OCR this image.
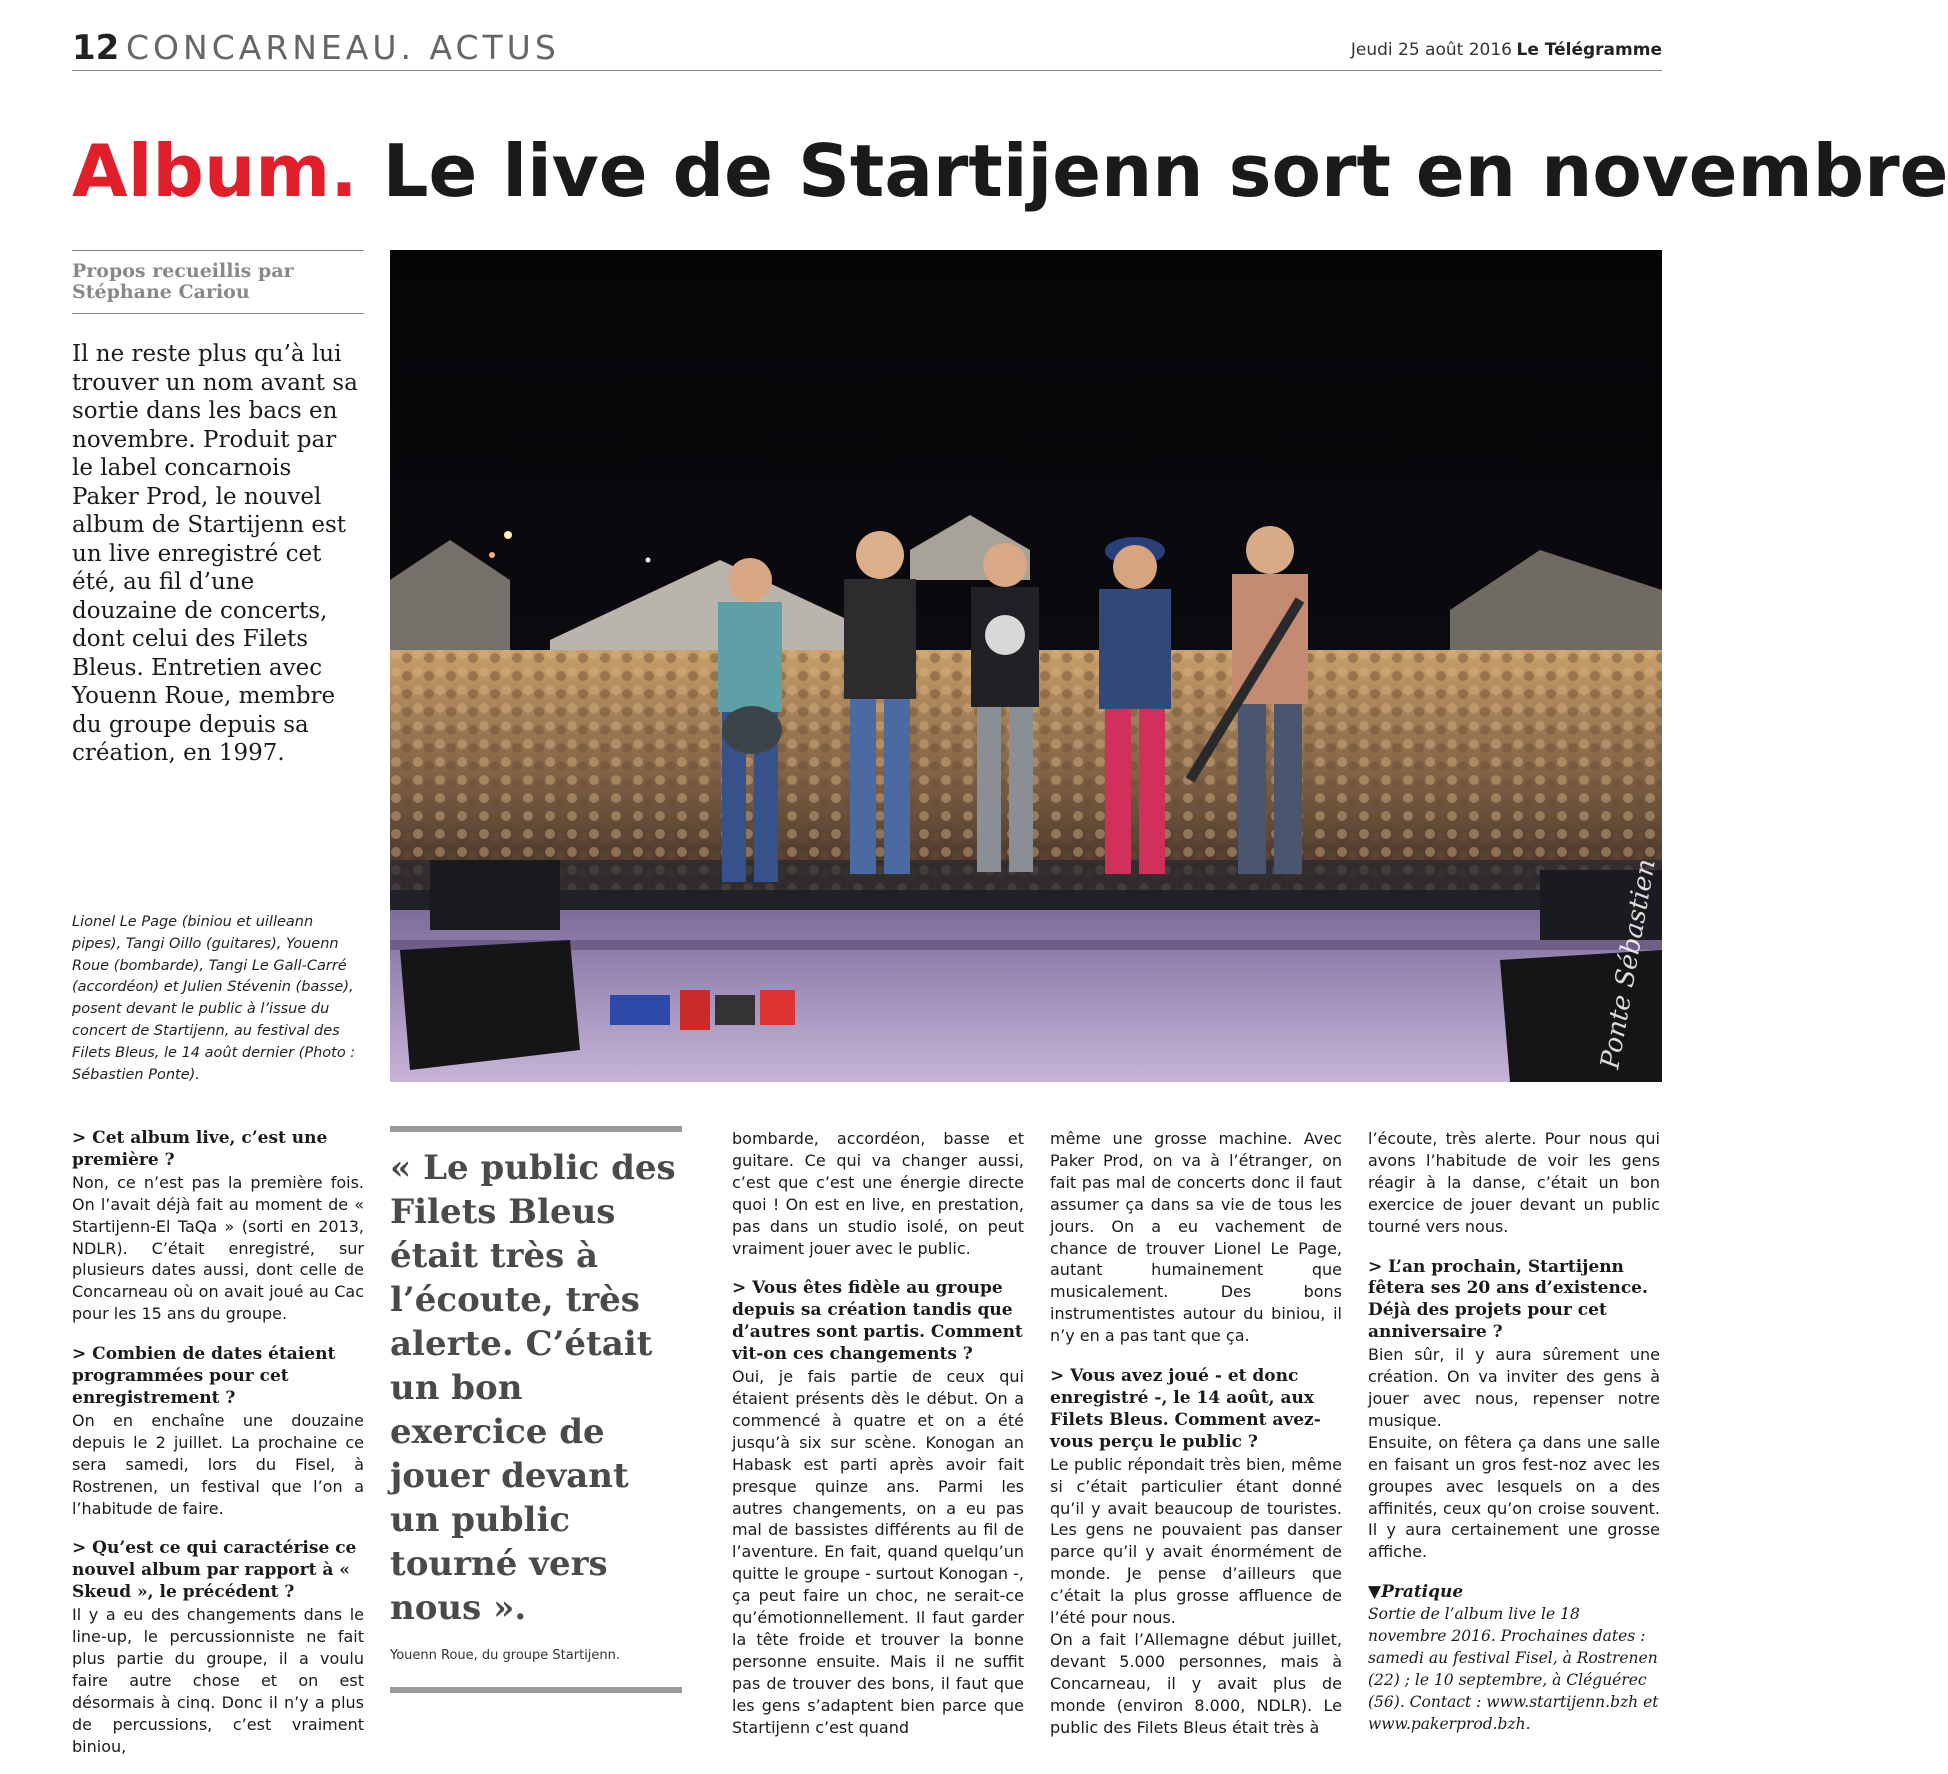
12 CONCARNEAU. ACTUS	Jeudi 25 août 2016 Le Télégramme
Album. Le live de Startijenn sort en novembre

Propos recueillis par Stéphane Cariou

Il ne reste plus qu’à lui trouver un nom avant sa sortie dans les bacs en novembre. Produit par le label concarnois Paker Prod, le nouvel album de Startijenn est un live enregistré cet été, au fil d’une douzaine de concerts, dont celui des Filets Bleus. Entretien avec Youenn Roue, membre du groupe depuis sa création, en 1997.

Lionel Le Page (biniou et uilleann pipes), Tangi Oillo (guitares), Youenn Roue (bombarde), Tangi Le Gall-Carré (accordéon) et Julien Stévenin (basse), posent devant le public à l’issue du concert de Startijenn, au festival des Filets Bleus, le 14 août dernier (Photo : Sébastien Ponte).

Ponte Sébastien

> Cet album live, c’est une première ?

Non, ce n’est pas la première fois. On l’avait déjà fait au moment de « Startijenn-El TaQa » (sorti en 2013, NDLR). C’était enregistré, sur plusieurs dates aussi, dont celle de Concarneau où on avait joué au Cac pour les 15 ans du groupe.

> Combien de dates étaient programmées pour cet enregistrement ?

On en enchaîne une douzaine depuis le 2 juillet. La prochaine ce sera samedi, lors du Fisel, à Rostrenen, un festival que l’on a l’habitude de faire.

> Qu’est ce qui caractérise ce nouvel album par rapport à « Skeud », le précédent ?

Il y a eu des changements dans le line-up, le percussionniste ne fait plus partie du groupe, il a voulu faire autre chose et on est désormais à cinq. Donc il n’y a plus de percussions, c’est vraiment biniou,

« Le public des Filets Bleus était très à l’écoute, très alerte. C’était un bon exercice de jouer devant un public tourné vers nous ».

Youenn Roue, du groupe Startijenn.

bombarde, accordéon, basse et guitare. Ce qui va changer aussi, c’est que c’est une énergie directe quoi ! On est en live, en prestation, pas dans un studio isolé, on peut vraiment jouer avec le public.

> Vous êtes fidèle au groupe depuis sa création tandis que d’autres sont partis. Comment vit-on ces changements ?

Oui, je fais partie de ceux qui étaient présents dès le début. On a commencé à quatre et on a été jusqu’à six sur scène. Konogan an Habask est parti après avoir fait presque quinze ans. Parmi les autres changements, on a eu pas mal de bassistes différents au fil de l’aventure. En fait, quand quelqu’un quitte le groupe - surtout Konogan -, ça peut faire un choc, ne serait-ce qu’émotionnellement. Il faut garder la tête froide et trouver la bonne personne ensuite. Mais il ne suffit pas de trouver des bons, il faut que les gens s’adaptent bien parce que Startijenn c’est quand

même une grosse machine. Avec Paker Prod, on va à l’étranger, on fait pas mal de concerts donc il faut assumer ça dans sa vie de tous les jours. On a eu vachement de chance de trouver Lionel Le Page, autant humainement que musicalement. Des bons instrumentistes autour du biniou, il n’y en a pas tant que ça.

> Vous avez joué - et donc enregistré -, le 14 août, aux Filets Bleus. Comment avez-vous perçu le public ?

Le public répondait très bien, même si c’était particulier étant donné qu’il y avait beaucoup de touristes. Les gens ne pouvaient pas danser parce qu’il y avait énormément de monde. Je pense d’ailleurs que c’était la plus grosse affluence de l’été pour nous.

On a fait l’Allemagne début juillet, devant 5.000 personnes, mais à Concarneau, il y avait plus de monde (environ 8.000, NDLR). Le public des Filets Bleus était très à

l’écoute, très alerte. Pour nous qui avons l’habitude de voir les gens réagir à la danse, c’était un bon exercice de jouer devant un public tourné vers nous.

> L’an prochain, Startijenn fêtera ses 20 ans d’existence. Déjà des projets pour cet anniversaire ?

Bien sûr, il y aura sûrement une création. On va inviter des gens à jouer avec nous, repenser notre musique.

Ensuite, on fêtera ça dans une salle en faisant un gros fest-noz avec les groupes avec lesquels on a des affinités, ceux qu’on croise souvent. Il y aura certainement une grosse affiche.

▼Pratique

Sortie de l’album live le 18 novembre 2016. Prochaines dates : samedi au festival Fisel, à Rostrenen (22) ; le 10 septembre, à Cléguérec (56). Contact : www.startijenn.bzh et www.pakerprod.bzh.
